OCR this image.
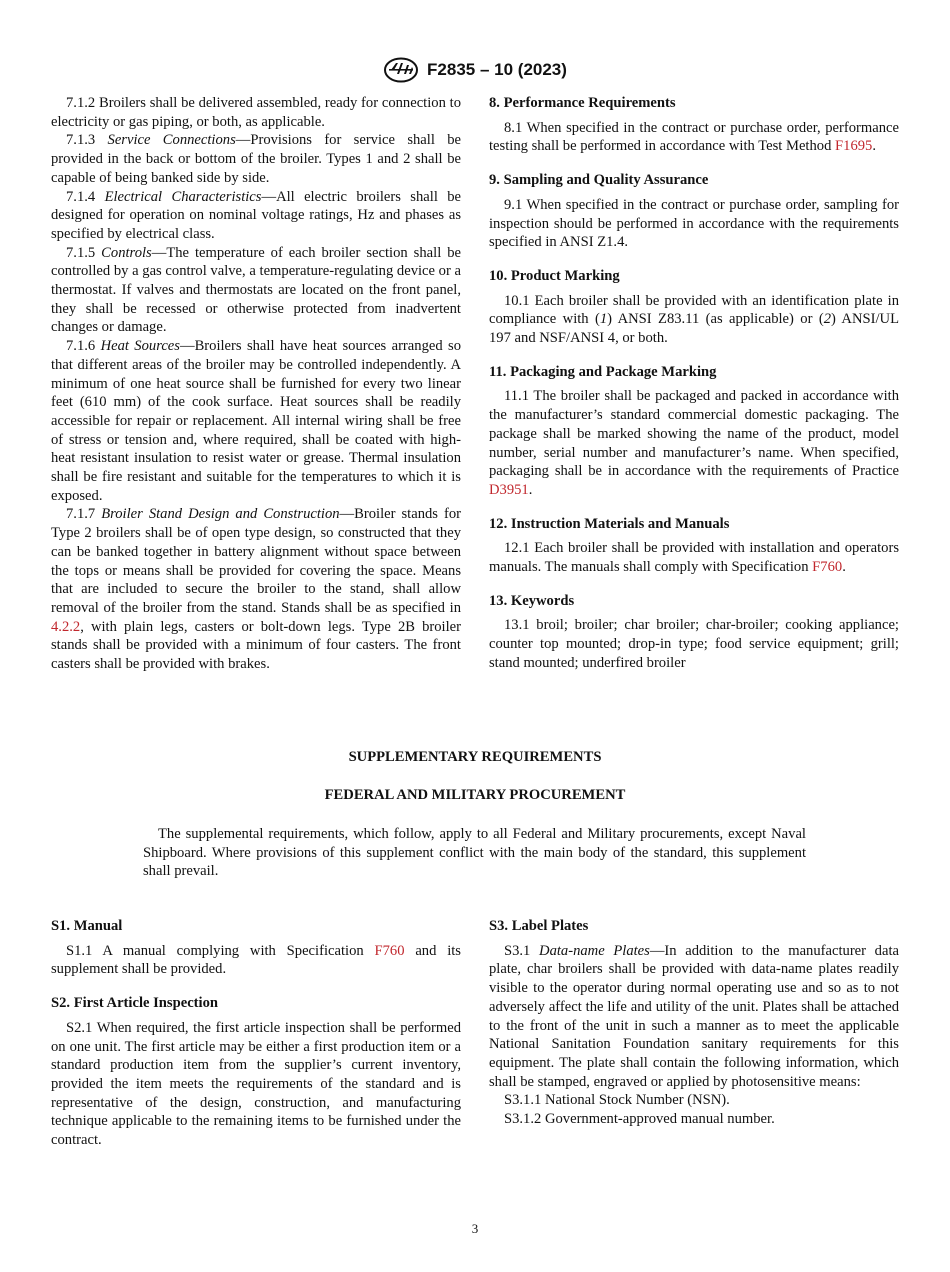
F2835 – 10 (2023)

7.1.2 Broilers shall be delivered assembled, ready for connection to electricity or gas piping, or both, as applicable.

7.1.3 Service Connections—Provisions for service shall be provided in the back or bottom of the broiler. Types 1 and 2 shall be capable of being banked side by side.

7.1.4 Electrical Characteristics—All electric broilers shall be designed for operation on nominal voltage ratings, Hz and phases as specified by electrical class.

7.1.5 Controls—The temperature of each broiler section shall be controlled by a gas control valve, a temperature-regulating device or a thermostat. If valves and thermostats are located on the front panel, they shall be recessed or otherwise protected from inadvertent changes or damage.

7.1.6 Heat Sources—Broilers shall have heat sources arranged so that different areas of the broiler may be controlled independently. A minimum of one heat source shall be furnished for every two linear feet (610 mm) of the cook surface. Heat sources shall be readily accessible for repair or replacement. All internal wiring shall be free of stress or tension and, where required, shall be coated with high-heat resistant insulation to resist water or grease. Thermal insulation shall be fire resistant and suitable for the temperatures to which it is exposed.

7.1.7 Broiler Stand Design and Construction—Broiler stands for Type 2 broilers shall be of open type design, so constructed that they can be banked together in battery alignment without space between the tops or means shall be provided for covering the space. Means that are included to secure the broiler to the stand, shall allow removal of the broiler from the stand. Stands shall be as specified in 4.2.2, with plain legs, casters or bolt-down legs. Type 2B broiler stands shall be provided with a minimum of four casters. The front casters shall be provided with brakes.

8. Performance Requirements

8.1 When specified in the contract or purchase order, performance testing shall be performed in accordance with Test Method F1695.

9. Sampling and Quality Assurance

9.1 When specified in the contract or purchase order, sampling for inspection should be performed in accordance with the requirements specified in ANSI Z1.4.

10. Product Marking

10.1 Each broiler shall be provided with an identification plate in compliance with (1) ANSI Z83.11 (as applicable) or (2) ANSI/UL 197 and NSF/ANSI 4, or both.

11. Packaging and Package Marking

11.1 The broiler shall be packaged and packed in accordance with the manufacturer’s standard commercial domestic packaging. The package shall be marked showing the name of the product, model number, serial number and manufacturer’s name. When specified, packaging shall be in accordance with the requirements of Practice D3951.

12. Instruction Materials and Manuals

12.1 Each broiler shall be provided with installation and operators manuals. The manuals shall comply with Specification F760.

13. Keywords

13.1 broil; broiler; char broiler; char-broiler; cooking appliance; counter top mounted; drop-in type; food service equipment; grill; stand mounted; underfired broiler

SUPPLEMENTARY REQUIREMENTS
FEDERAL AND MILITARY PROCUREMENT
The supplemental requirements, which follow, apply to all Federal and Military procurements, except Naval Shipboard. Where provisions of this supplement conflict with the main body of the standard, this supplement shall prevail.
S1. Manual

S1.1 A manual complying with Specification F760 and its supplement shall be provided.

S2. First Article Inspection

S2.1 When required, the first article inspection shall be performed on one unit. The first article may be either a first production item or a standard production item from the supplier’s current inventory, provided the item meets the requirements of the standard and is representative of the design, construction, and manufacturing technique applicable to the remaining items to be furnished under the contract.

S3. Label Plates

S3.1 Data-name Plates—In addition to the manufacturer data plate, char broilers shall be provided with data-name plates readily visible to the operator during normal operating use and so as to not adversely affect the life and utility of the unit. Plates shall be attached to the front of the unit in such a manner as to meet the applicable National Sanitation Foundation sanitary requirements for this equipment. The plate shall contain the following information, which shall be stamped, engraved or applied by photosensitive means:

S3.1.1 National Stock Number (NSN).

S3.1.2 Government-approved manual number.

3
